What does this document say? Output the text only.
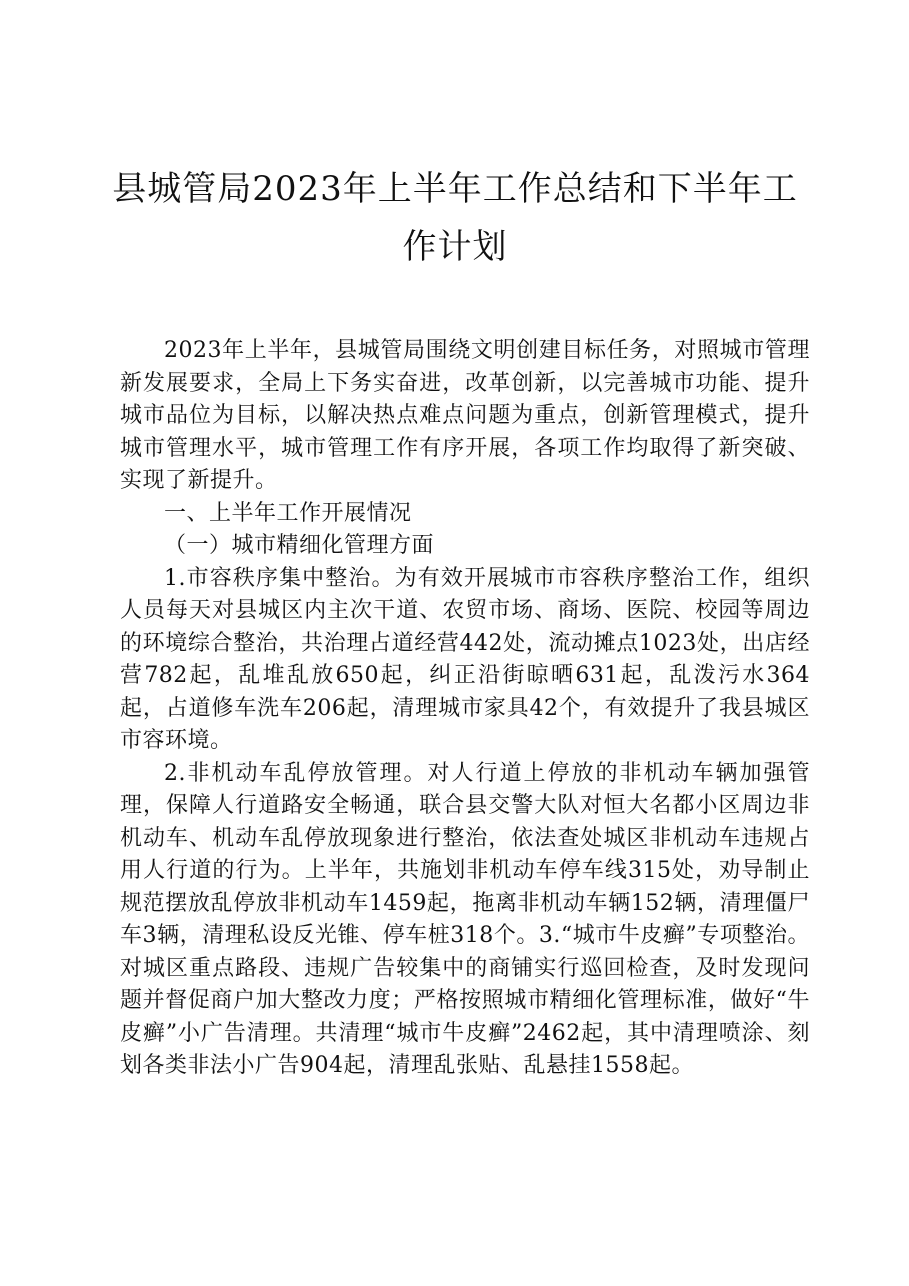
县城管局2023年上半年工作总结和下半年工
作计划

2023年上半年，县城管局围绕文明创建目标任务，对照城市管理新发展要求，全局上下务实奋进，改革创新，以完善城市功能、提升城市品位为目标，以解决热点难点问题为重点，创新管理模式，提升城市管理水平，城市管理工作有序开展，各项工作均取得了新突破、实现了新提升。

一、上半年工作开展情况

（一）城市精细化管理方面

1.市容秩序集中整治。为有效开展城市市容秩序整治工作，组织人员每天对县城区内主次干道、农贸市场、商场、医院、校园等周边的环境综合整治，共治理占道经营442处，流动摊点1023处，出店经营782起，乱堆乱放650起，纠正沿街晾晒631起，乱泼污水364起，占道修车洗车206起，清理城市家具42个，有效提升了我县城区市容环境。

2.非机动车乱停放管理。对人行道上停放的非机动车辆加强管理，保障人行道路安全畅通，联合县交警大队对恒大名都小区周边非机动车、机动车乱停放现象进行整治，依法查处城区非机动车违规占用人行道的行为。上半年，共施划非机动车停车线315处，劝导制止规范摆放乱停放非机动车1459起，拖离非机动车辆152辆，清理僵尸车3辆，清理私设反光锥、停车桩318个。3.“城市牛皮癣”专项整治。对城区重点路段、违规广告较集中的商铺实行巡回检查，及时发现问题并督促商户加大整改力度；严格按照城市精细化管理标准，做好“牛皮癣”小广告清理。共清理“城市牛皮癣”2462起，其中清理喷涂、刻划各类非法小广告904起，清理乱张贴、乱悬挂1558起。
